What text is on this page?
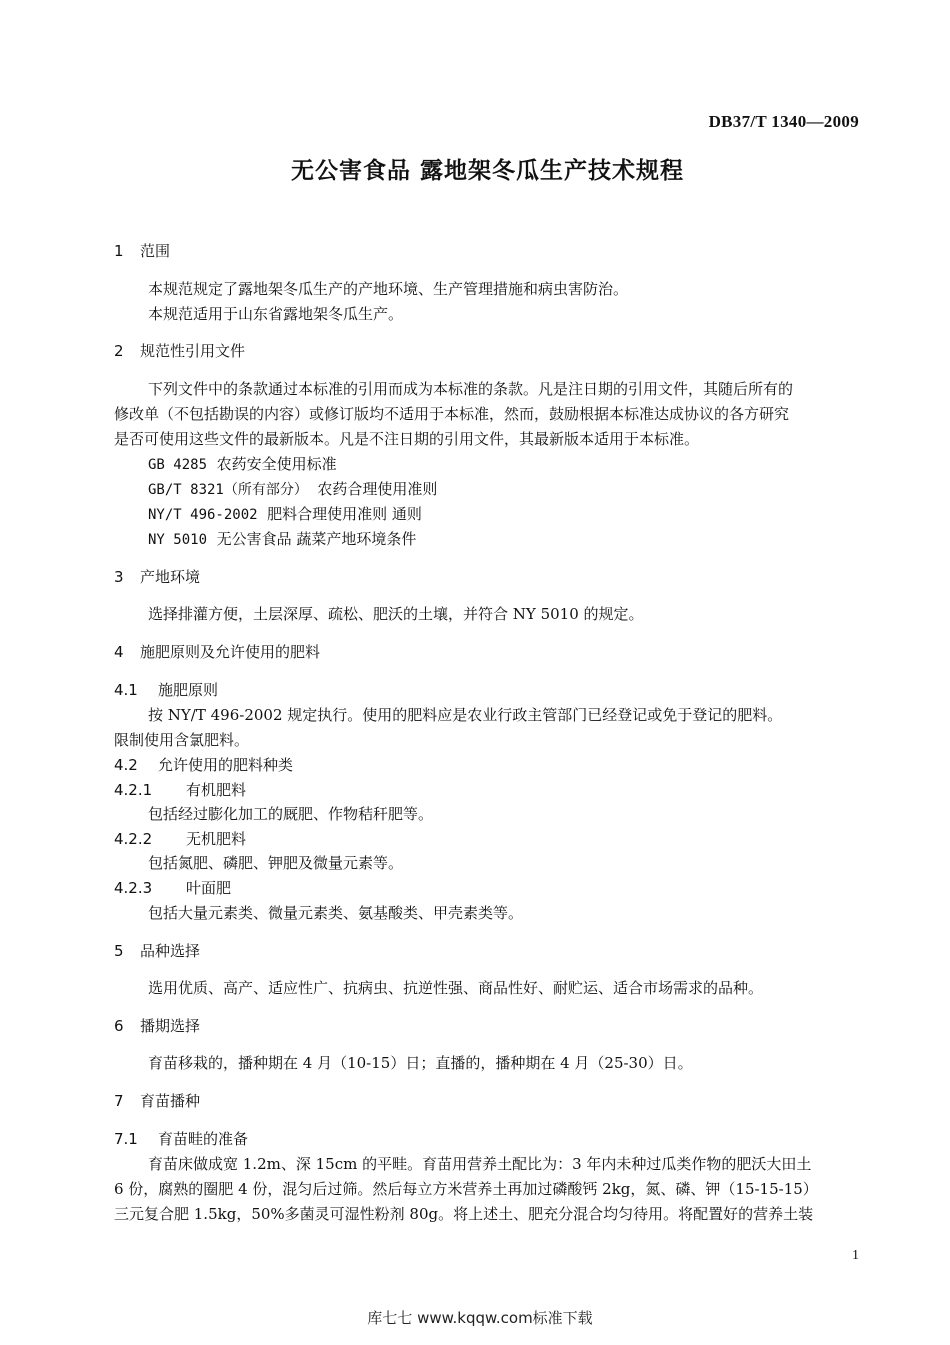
DB37/T 1340—2009
无公害食品 露地架冬瓜生产技术规程
1 范围
本规范规定了露地架冬瓜生产的产地环境、生产管理措施和病虫害防治。
本规范适用于山东省露地架冬瓜生产。
2 规范性引用文件
下列文件中的条款通过本标准的引用而成为本标准的条款。凡是注日期的引用文件，其随后所有的
修改单（不包括勘误的内容）或修订版均不适用于本标准，然而，鼓励根据本标准达成协议的各方研究
是否可使用这些文件的最新版本。凡是不注日期的引用文件，其最新版本适用于本标准。
GB 4285 农药安全使用标准
GB/T 8321（所有部分） 农药合理使用准则
NY/T 496-2002 肥料合理使用准则 通则
NY 5010 无公害食品 蔬菜产地环境条件
3 产地环境
选择排灌方便，土层深厚、疏松、肥沃的土壤，并符合 NY 5010 的规定。
4 施肥原则及允许使用的肥料
4.1 施肥原则
按 NY/T 496-2002 规定执行。使用的肥料应是农业行政主管部门已经登记或免于登记的肥料。
限制使用含氯肥料。
4.2 允许使用的肥料种类
4.2.1 有机肥料
包括经过膨化加工的厩肥、作物秸秆肥等。
4.2.2 无机肥料
包括氮肥、磷肥、钾肥及微量元素等。
4.2.3 叶面肥
包括大量元素类、微量元素类、氨基酸类、甲壳素类等。
5 品种选择
选用优质、高产、适应性广、抗病虫、抗逆性强、商品性好、耐贮运、适合市场需求的品种。
6 播期选择
育苗移栽的，播种期在 4 月（10-15）日；直播的，播种期在 4 月（25-30）日。
7 育苗播种
7.1 育苗畦的准备
育苗床做成宽 1.2m、深 15cm 的平畦。育苗用营养土配比为：3 年内未种过瓜类作物的肥沃大田土
6 份，腐熟的圈肥 4 份，混匀后过筛。然后每立方米营养土再加过磷酸钙 2kg，氮、磷、钾（15-15-15）
三元复合肥 1.5kg，50%多菌灵可湿性粉剂 80g。将上述土、肥充分混合均匀待用。将配置好的营养土装
1
库七七 www.kqqw.com标准下载
